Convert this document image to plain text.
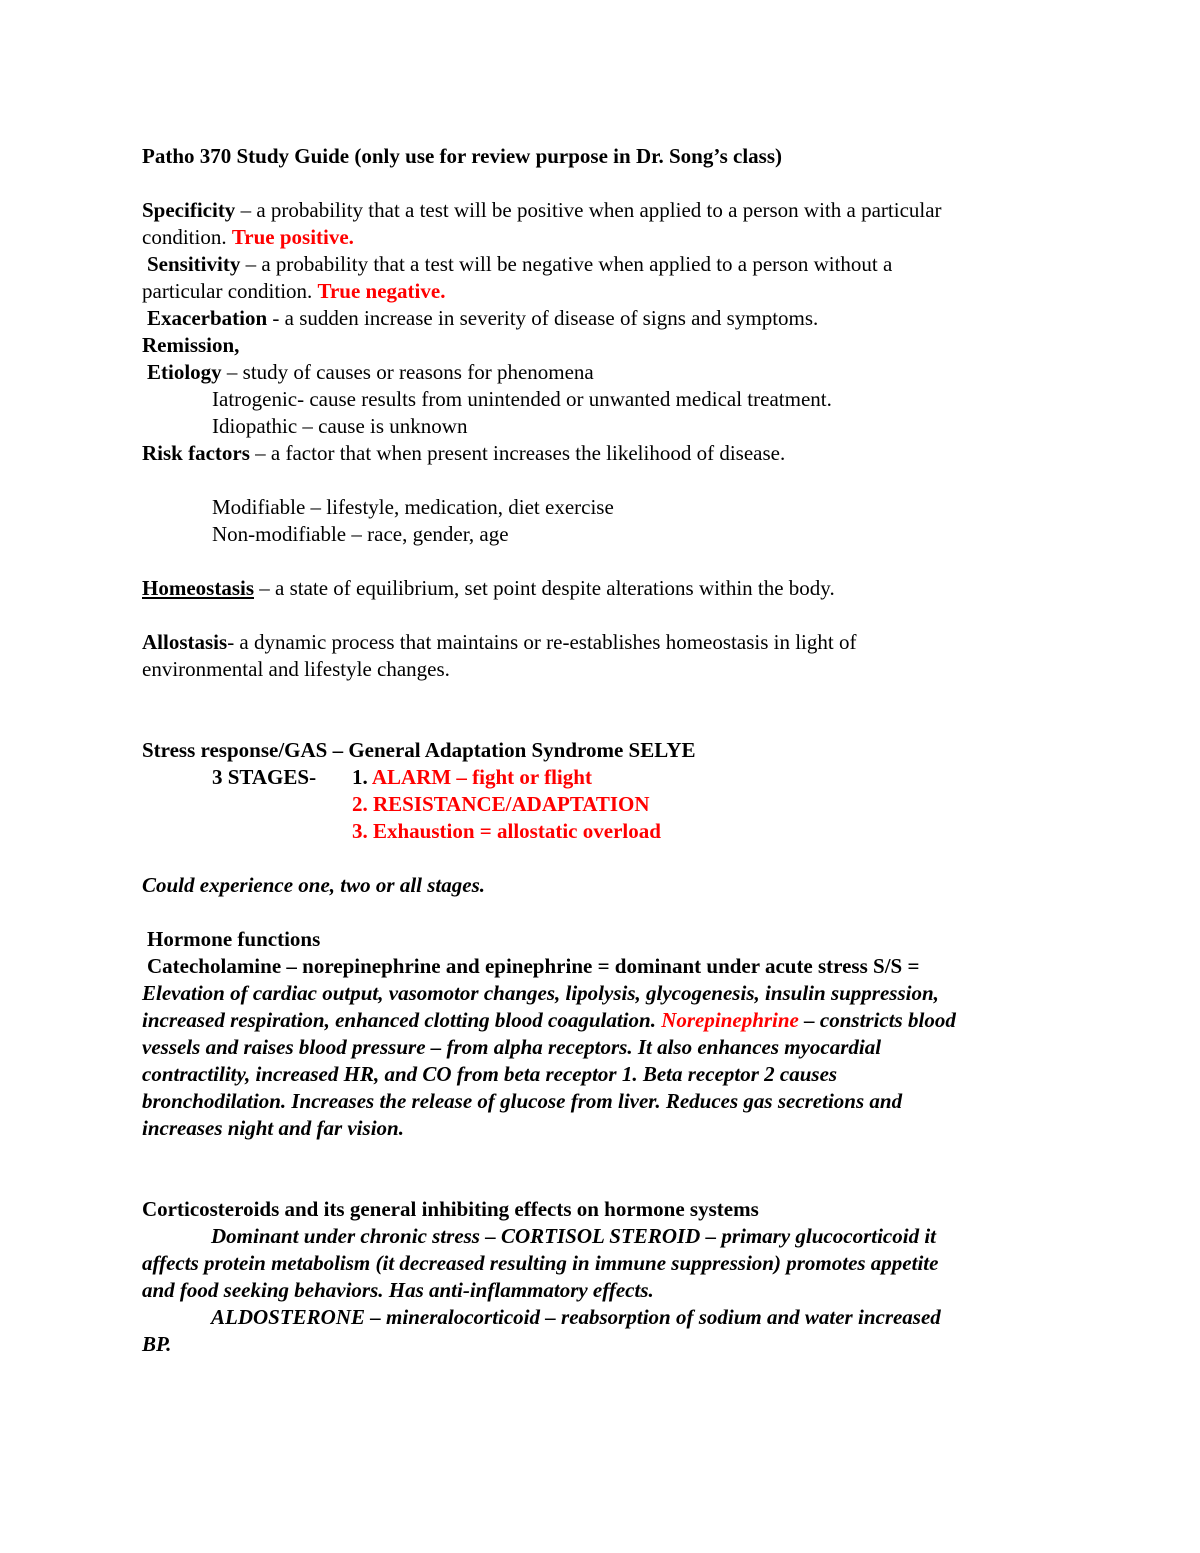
Patho 370 Study Guide (only use for review purpose in Dr. Song’s class)
Specificity – a probability that a test will be positive when applied to a person with a particular
condition. True positive.
Sensitivity – a probability that a test will be negative when applied to a person without a
particular condition. True negative.
Exacerbation - a sudden increase in severity of disease of signs and symptoms.
Remission,
Etiology – study of causes or reasons for phenomena
Iatrogenic- cause results from unintended or unwanted medical treatment.
Idiopathic – cause is unknown
Risk factors – a factor that when present increases the likelihood of disease.
Modifiable – lifestyle, medication, diet exercise
Non-modifiable – race, gender, age
Homeostasis – a state of equilibrium, set point despite alterations within the body.
Allostasis- a dynamic process that maintains or re-establishes homeostasis in light of
environmental and lifestyle changes.
Stress response/GAS – General Adaptation Syndrome SELYE
3 STAGES- 1. ALARM – fight or flight
2. RESISTANCE/ADAPTATION
3. Exhaustion = allostatic overload
Could experience one, two or all stages.
Hormone functions
Catecholamine – norepinephrine and epinephrine = dominant under acute stress S/S =
Elevation of cardiac output, vasomotor changes, lipolysis, glycogenesis, insulin suppression,
increased respiration, enhanced clotting blood coagulation. Norepinephrine – constricts blood
vessels and raises blood pressure – from alpha receptors. It also enhances myocardial
contractility, increased HR, and CO from beta receptor 1. Beta receptor 2 causes
bronchodilation. Increases the release of glucose from liver. Reduces gas secretions and
increases night and far vision.
Corticosteroids and its general inhibiting effects on hormone systems
Dominant under chronic stress – CORTISOL STEROID – primary glucocorticoid it
affects protein metabolism (it decreased resulting in immune suppression) promotes appetite
and food seeking behaviors. Has anti-inflammatory effects.
ALDOSTERONE – mineralocorticoid – reabsorption of sodium and water increased
BP.
